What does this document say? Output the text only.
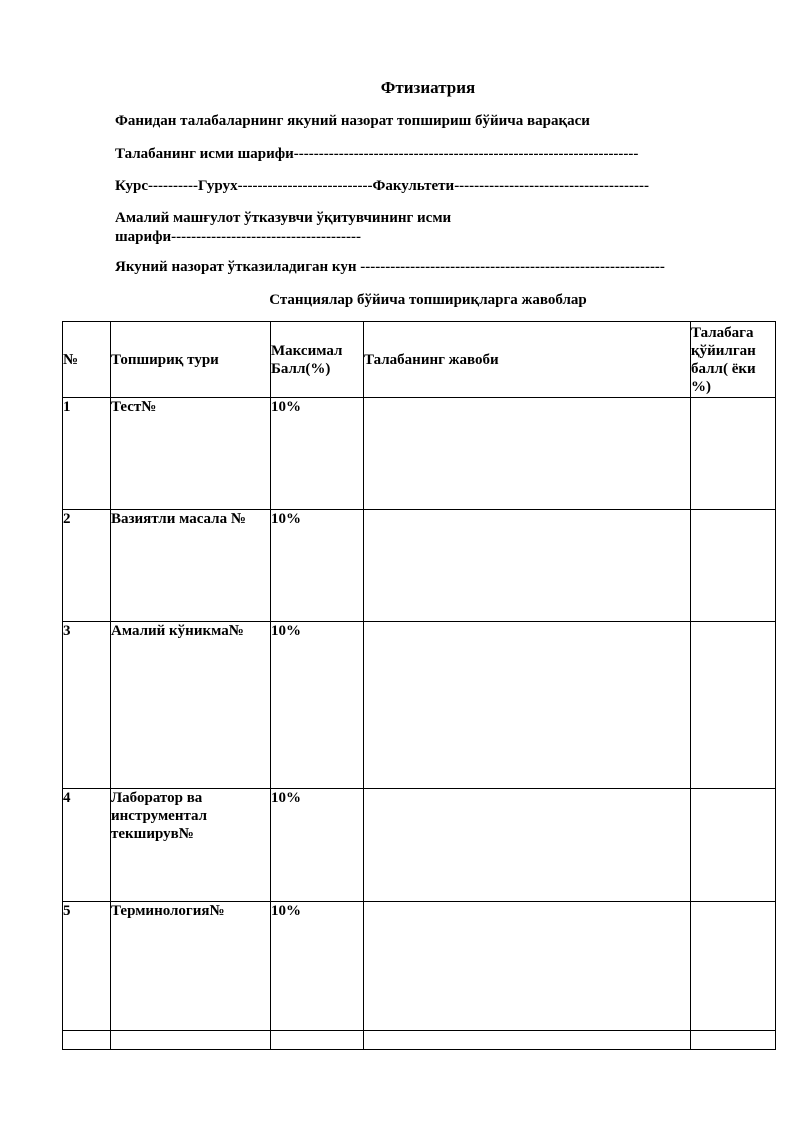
Фтизиатрия
Фанидан талабаларнинг якуний назорат топшириш бўйича варақаси
Талабанинг исми шарифи---------------------------------------------------------------------
Курс----------Гурух---------------------------Факультети---------------------------------------
Амалий машғулот ўтказувчи ўқитувчининг исми шарифи--------------------------------------
Якуний назорат ўтказиладиган кун -------------------------------------------------------------
Станциялар бўйича топшириқларга жавоблар
№	Топшириқ тури	Максимал Балл(%)	Талабанинг жавоби	Талабага қўйилган балл( ёки %)
1	Тест№	10%		
2	Вазиятли масала №	10%		
3	Амалий кўникма№	10%		
4	Лаборатор ва инструментал текширув№	10%		
5	Терминология№	10%		
